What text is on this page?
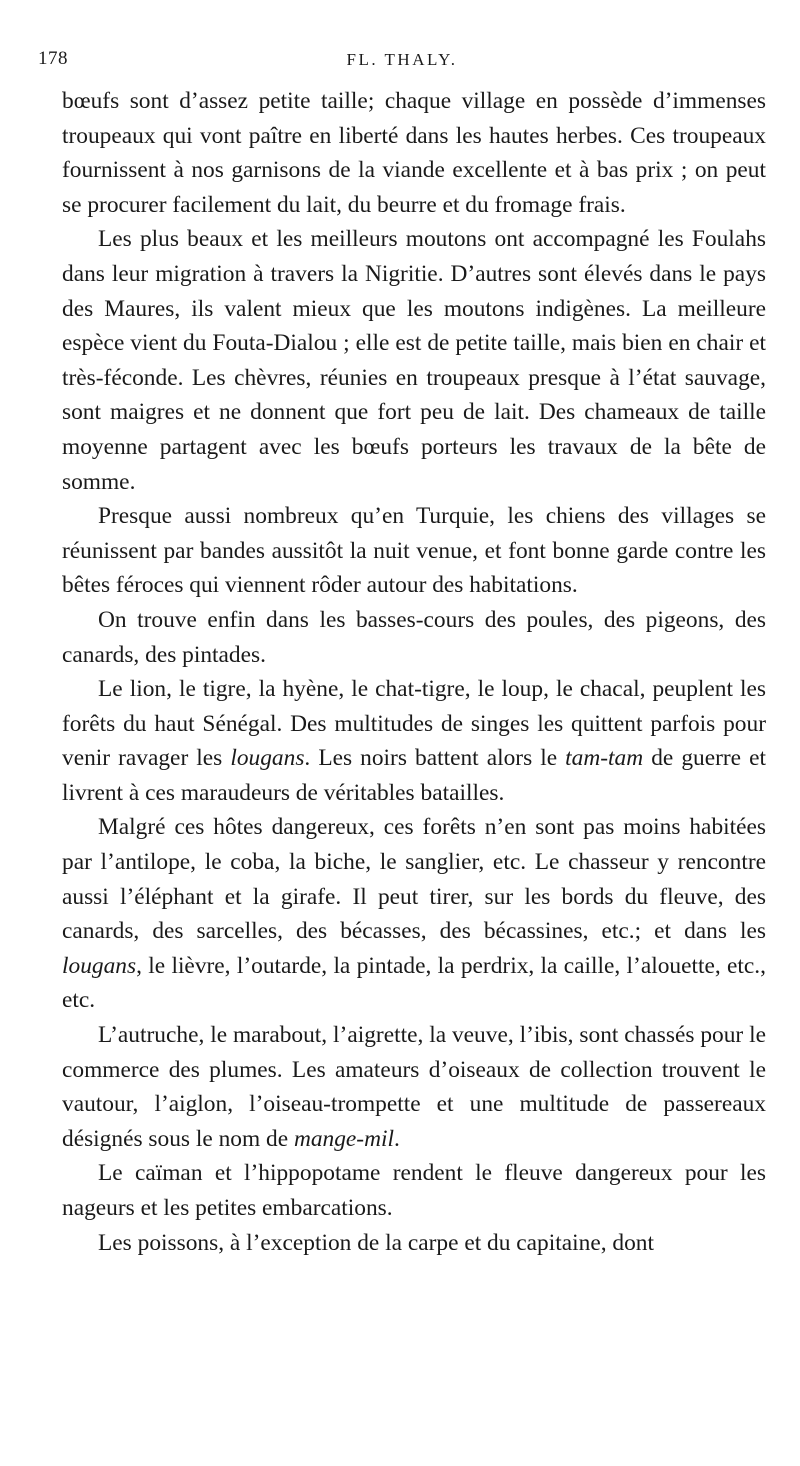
178	FL. THALY.

bœufs sont d’assez petite taille; chaque village en possède d’immenses troupeaux qui vont paître en liberté dans les hautes herbes. Ces troupeaux fournissent à nos garnisons de la viande excellente et à bas prix ; on peut se procurer facilement du lait, du beurre et du fromage frais.

Les plus beaux et les meilleurs moutons ont accompagné les Foulahs dans leur migration à travers la Nigritie. D’autres sont élevés dans le pays des Maures, ils valent mieux que les moutons indigènes. La meilleure espèce vient du Fouta-Dialou ; elle est de petite taille, mais bien en chair et très-féconde. Les chèvres, réunies en troupeaux presque à l’état sauvage, sont maigres et ne donnent que fort peu de lait. Des chameaux de taille moyenne partagent avec les bœufs porteurs les travaux de la bête de somme.

Presque aussi nombreux qu’en Turquie, les chiens des villages se réunissent par bandes aussitôt la nuit venue, et font bonne garde contre les bêtes féroces qui viennent rôder autour des habitations.

On trouve enfin dans les basses-cours des poules, des pigeons, des canards, des pintades.

Le lion, le tigre, la hyène, le chat-tigre, le loup, le chacal, peuplent les forêts du haut Sénégal. Des multitudes de singes les quittent parfois pour venir ravager les lougans. Les noirs battent alors le tam-tam de guerre et livrent à ces maraudeurs de véritables batailles.

Malgré ces hôtes dangereux, ces forêts n’en sont pas moins habitées par l’antilope, le coba, la biche, le sanglier, etc. Le chasseur y rencontre aussi l’éléphant et la girafe. Il peut tirer, sur les bords du fleuve, des canards, des sarcelles, des bécasses, des bécassines, etc.; et dans les lougans, le lièvre, l’outarde, la pintade, la perdrix, la caille, l’alouette, etc., etc.

L’autruche, le marabout, l’aigrette, la veuve, l’ibis, sont chassés pour le commerce des plumes. Les amateurs d’oiseaux de collection trouvent le vautour, l’aiglon, l’oiseau-trompette et une multitude de passereaux désignés sous le nom de mange-mil.

Le caïman et l’hippopotame rendent le fleuve dangereux pour les nageurs et les petites embarcations.

Les poissons, à l’exception de la carpe et du capitaine, dont
